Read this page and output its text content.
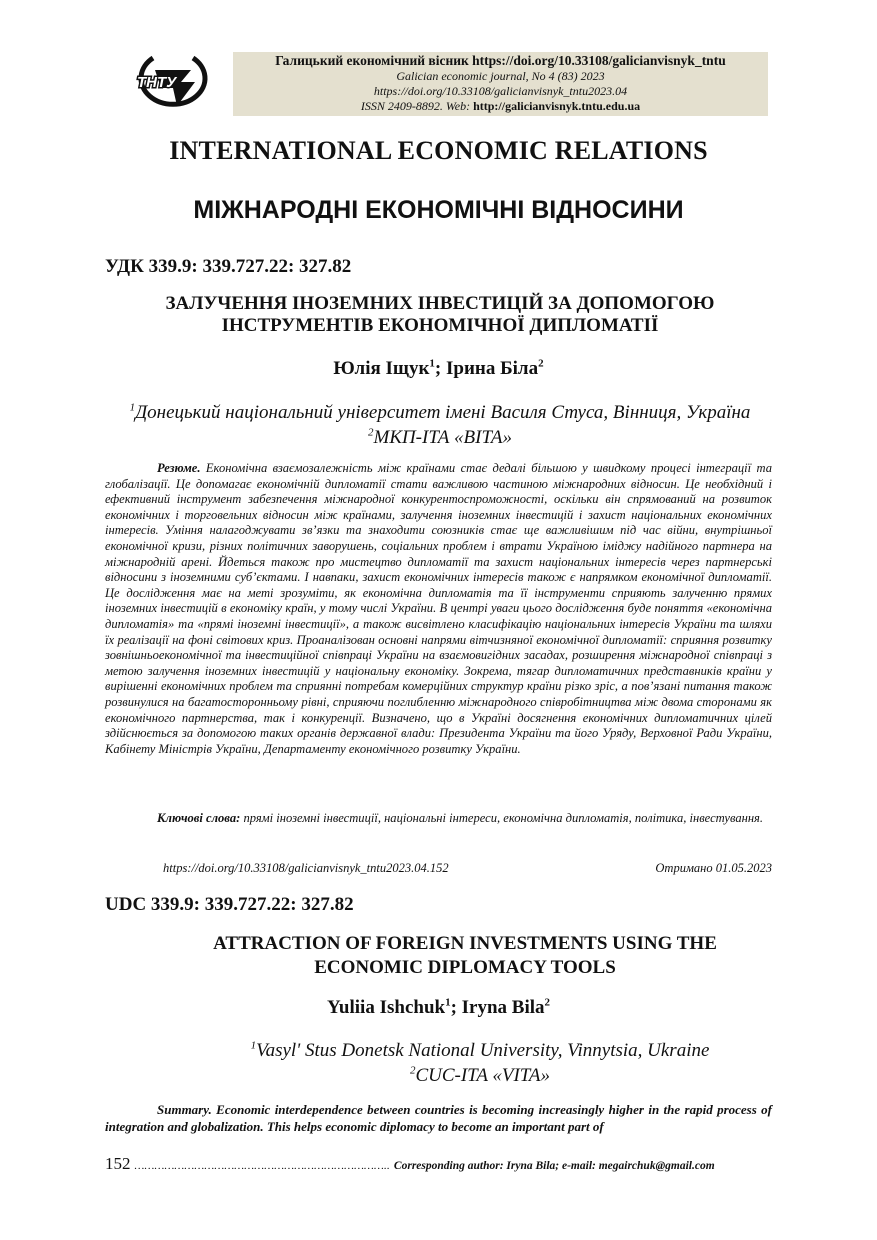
ТНТУ
Галицький економічний вісник https://doi.org/10.33108/galicianvisnyk_tntu
Galician economic journal, No 4 (83) 2023
https://doi.org/10.33108/galicianvisnyk_tntu2023.04
ISSN 2409-8892. Web: http://galicianvisnyk.tntu.edu.ua
INTERNATIONAL ECONOMIC RELATIONS
МІЖНАРОДНІ ЕКОНОМІЧНІ ВІДНОСИНИ
УДК 339.9: 339.727.22: 327.82
ЗАЛУЧЕННЯ ІНОЗЕМНИХ ІНВЕСТИЦІЙ ЗА ДОПОМОГОЮ
ІНСТРУМЕНТІВ ЕКОНОМІЧНОЇ ДИПЛОМАТІЇ
Юлія Іщук$^1$; Ірина Біла$^2$
$^1$Донецький національний університет імені Василя Стуса, Вінниця, Україна
$^2$МКП-ІТА «ВІТА»

Резюме. Економічна взаємозалежність між країнами стає дедалі більшою у швидкому процесі інтеграції та глобалізації. Це допомагає економічній дипломатії стати важливою частиною міжнародних відносин. Це необхідний і ефективний інструмент забезпечення міжнародної конкурентоспроможності, оскільки він спрямований на розвиток економічних і торговельних відносин між країнами, залучення іноземних інвестицій і захист національних економічних інтересів. Уміння налагоджувати зв’язки та знаходити союзників стає ще важливішим під час війни, внутрішньої економічної кризи, різних політичних заворушень, соціальних проблем і втрати Україною іміджу надійного партнера на міжнародній арені. Йдеться також про мистецтво дипломатії та захист національних інтересів через партнерські відносини з іноземними суб’єктами. І навпаки, захист економічних інтересів також є напрямком економічної дипломатії. Це дослідження має на меті зрозуміти, як економічна дипломатія та її інструменти сприяють залученню прямих іноземних інвестицій в економіку країн, у тому числі України. В центрі уваги цього дослідження буде поняття «економічна дипломатія» та «прямі іноземні інвестиції», а також висвітлено класифікацію національних інтересів України та шляхи їх реалізації на фоні світових криз. Проаналізован основні напрями вітчизняної економічної дипломатії: сприяння розвитку зовнішньоекономічної та інвестиційної співпраці України на взаємовигідних засадах, розширення міжнародної співпраці з метою залучення іноземних інвестицій у національну економіку. Зокрема, тягар дипломатичних представників країни у вирішенні економічних проблем та сприянні потребам комерційних структур країни різко зріс, а пов’язані питання також розвинулися на багатосторонньому рівні, сприяючи поглибленню міжнародного співробітництва між двома сторонами як економічного партнерства, так і конкуренції. Визначено, що в Україні досягнення економічних дипломатичних цілей здійснюється за допомогою таких органів державної влади: Президента України та його Уряду, Верховної Ради України, Кабінету Міністрів України, Департаменту економічного розвитку України.

Ключові слова: прямі іноземні інвестиції, національні інтереси, економічна дипломатія, політика, інвестування.

https://doi.org/10.33108/galicianvisnyk_tntu2023.04.152	Отримано 01.05.2023
UDC 339.9: 339.727.22: 327.82
ATTRACTION OF FOREIGN INVESTMENTS USING THE
ECONOMIC DIPLOMACY TOOLS
Yuliia Ishchuk$^1$; Iryna Bila$^2$
$^1$Vasyl' Stus Donetsk National University, Vinnytsia, Ukraine
$^2$CUC-ITA «VITA»

Summary. Economic interdependence between countries is becoming increasingly higher in the rapid process of integration and globalization. This helps economic diplomacy to become an important part of

152 ………………………………………………………………….. Corresponding author: Iryna Bila; e-mail: megairchuk@gmail.com
